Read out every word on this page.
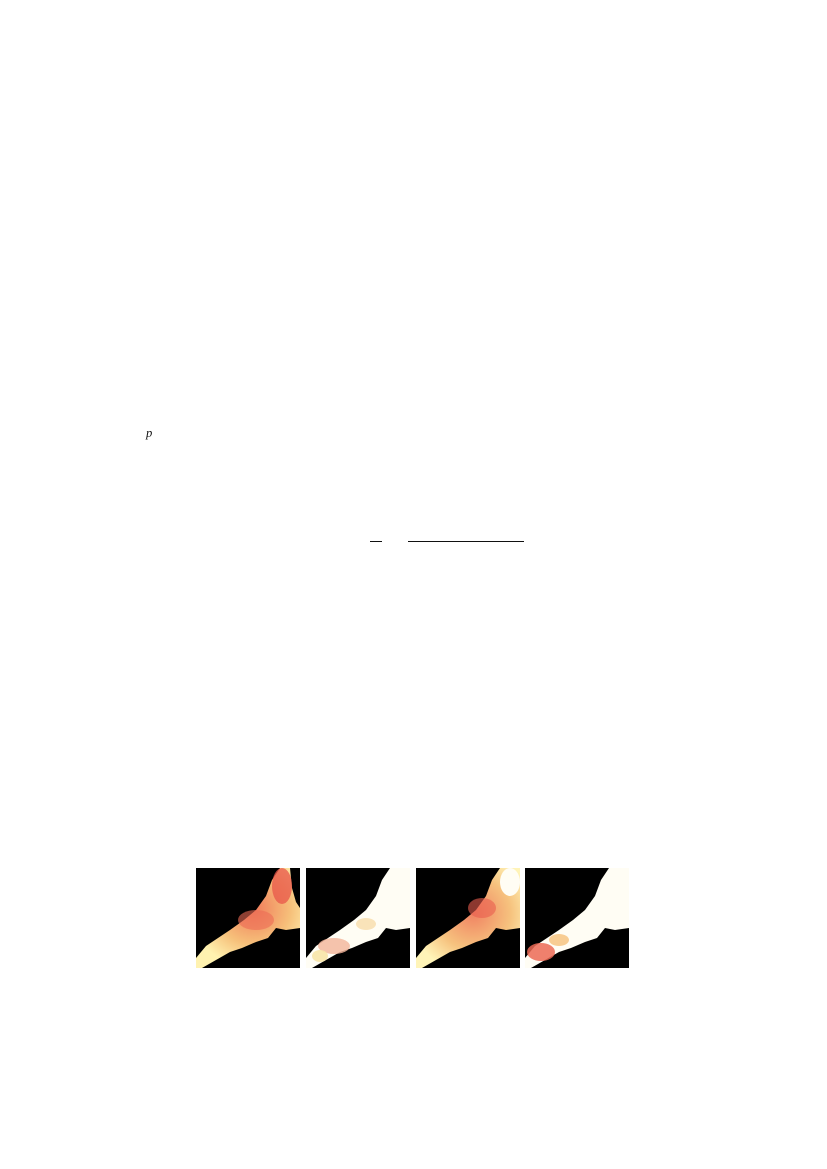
p
